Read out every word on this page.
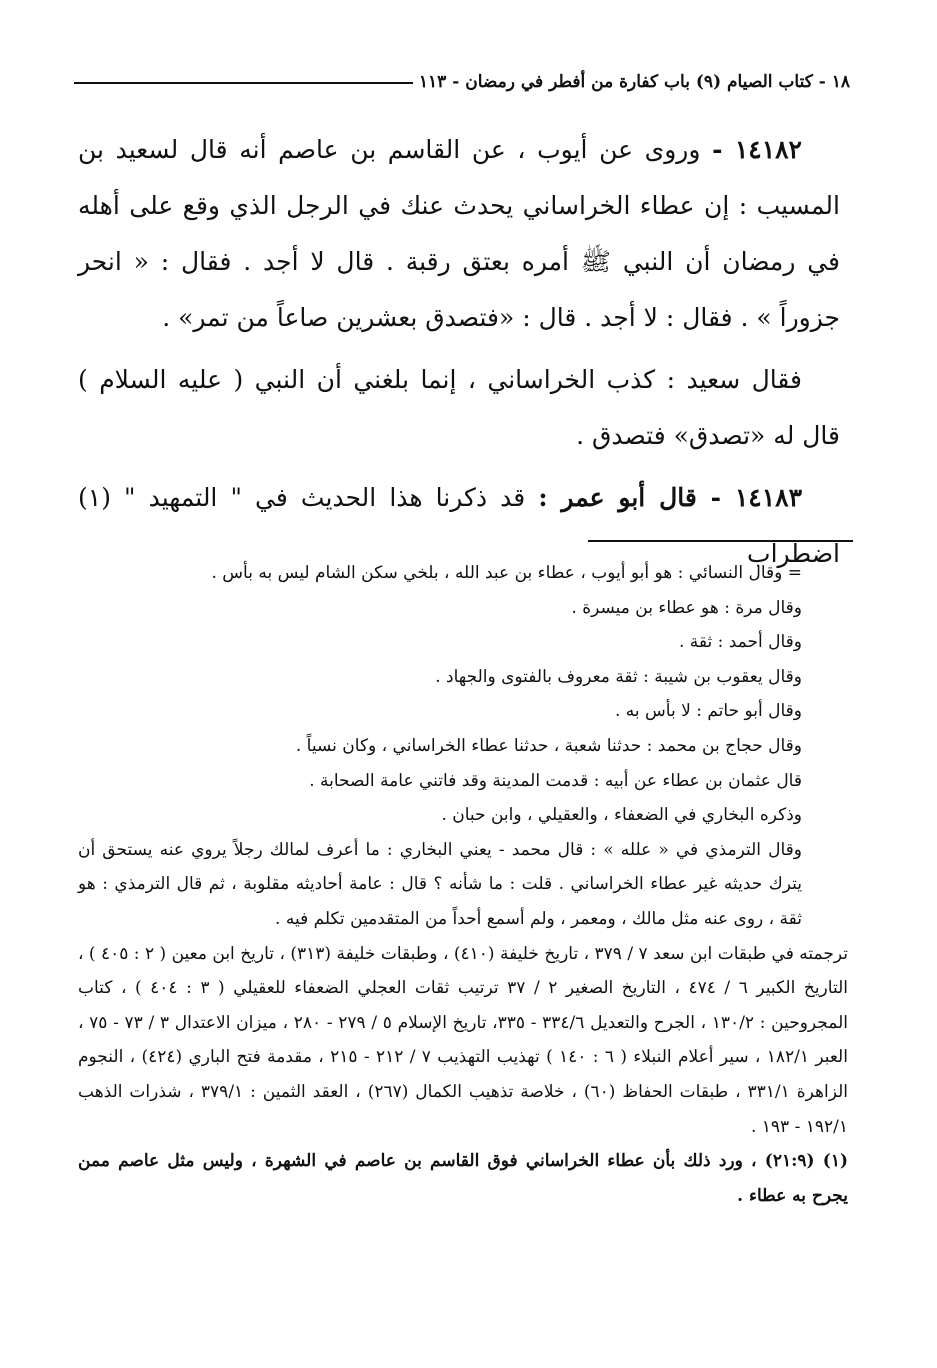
١٨ - كتاب الصيام (٩) باب كفارة من أفطر في رمضان - ١١٣

١٤١٨٢ - وروى عن أيوب ، عن القاسم بن عاصم أنه قال لسعيد بن المسيب : إن عطاء الخراساني يحدث عنك في الرجل الذي وقع على أهله في رمضان أن النبي ﷺ أمره بعتق رقبة . قال لا أجد . فقال : « انحر جزوراً » . فقال : لا أجد . قال : «فتصدق بعشرين صاعاً من تمر» .

فقال سعيد : كذب الخراساني ، إنما بلغني أن النبي ( عليه السلام ) قال له «تصدق» فتصدق .

١٤١٨٣ - قال أبو عمر : قد ذكرنا هذا الحديث في " التمهيد " (١) اضطراب

= وقال النسائي : هو أبو أيوب ، عطاء بن عبد الله ، بلخي سكن الشام ليس به بأس .

وقال مرة : هو عطاء بن ميسرة .

وقال أحمد : ثقة .

وقال يعقوب بن شيبة : ثقة معروف بالفتوى والجهاد .

وقال أبو حاتم : لا بأس به .

وقال حجاج بن محمد : حدثنا شعبة ، حدثنا عطاء الخراساني ، وكان نسياً .

قال عثمان بن عطاء عن أبيه : قدمت المدينة وقد فاتني عامة الصحابة .

وذكره البخاري في الضعفاء ، والعقيلي ، وابن حبان .

وقال الترمذي في « علله » : قال محمد - يعني البخاري : ما أعرف لمالك رجلاً يروي عنه يستحق أن يترك حديثه غير عطاء الخراساني . قلت : ما شأنه ؟ قال : عامة أحاديثه مقلوبة ، ثم قال الترمذي : هو ثقة ، روى عنه مثل مالك ، ومعمر ، ولم أسمع أحداً من المتقدمين تكلم فيه .

ترجمته في طبقات ابن سعد ٧ / ٣٧٩ ، تاريخ خليفة (٤١٠) ، وطبقات خليفة (٣١٣) ، تاريخ ابن معين ( ٢ : ٤٠٥ ) ، التاريخ الكبير ٦ / ٤٧٤ ، التاريخ الصغير ٢ / ٣٧ ترتيب ثقات العجلي الضعفاء للعقيلي ( ٣ : ٤٠٤ ) ، كتاب المجروحين : ١٣٠/٢ ، الجرح والتعديل ٣٣٤/٦ - ٣٣٥، تاريخ الإسلام ٥ / ٢٧٩ - ٢٨٠ ، ميزان الاعتدال ٣ / ٧٣ - ٧٥ ، العبر ١٨٢/١ ، سير أعلام النبلاء ( ٦ : ١٤٠ ) تهذيب التهذيب ٧ / ٢١٢ - ٢١٥ ، مقدمة فتح الباري (٤٢٤) ، النجوم الزاهرة ٣٣١/١ ، طبقات الحفاظ (٦٠) ، خلاصة تذهيب الكمال (٢٦٧) ، العقد الثمين : ٣٧٩/١ ، شذرات الذهب ١٩٢/١ - ١٩٣ .

(١) (٢١:٩) ، ورد ذلك بأن عطاء الخراساني فوق القاسم بن عاصم في الشهرة ، وليس مثل عاصم ممن يجرح به عطاء .
